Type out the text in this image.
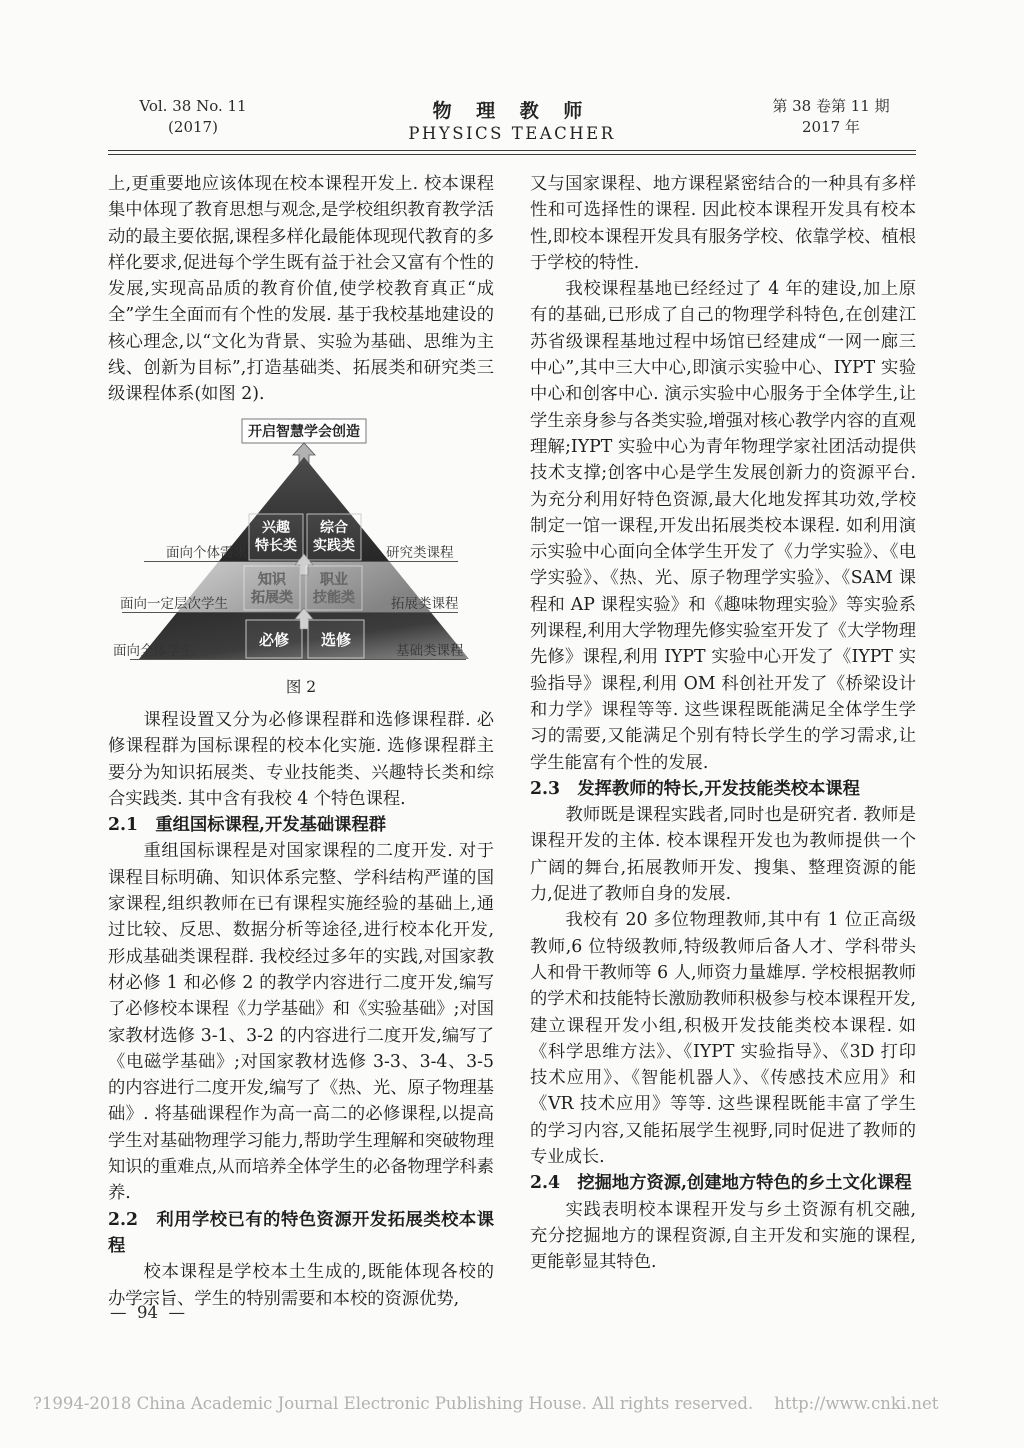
Vol. 38 No. 11
(2017)
物 理 教 师
PHYSICS TEACHER
第 38 卷第 11 期
2017 年

上,更重要地应该体现在校本课程开发上. 校本课程集中体现了教育思想与观念,是学校组织教育教学活动的最主要依据,课程多样化最能体现现代教育的多样化要求,促进每个学生既有益于社会又富有个性的发展,实现高品质的教育价值,使学校教育真正“成全”学生全面而有个性的发展. 基于我校基地建设的核心理念,以“文化为背景、实验为基础、思维为主线、创新为目标”,打造基础类、拓展类和研究类三级课程体系(如图 2).

开启智慧学会创造
兴趣
特长类
综合
实践类
知识
拓展类
职业
技能类
必修 选修
面向个体需求
面向一定层次学生
面向全体学生
研究类课程
拓展类课程
基础类课程
图 2

课程设置又分为必修课程群和选修课程群. 必修课程群为国标课程的校本化实施. 选修课程群主要分为知识拓展类、专业技能类、兴趣特长类和综合实践类. 其中含有我校 4 个特色课程.

2.1　重组国标课程,开发基础课程群

重组国标课程是对国家课程的二度开发. 对于课程目标明确、知识体系完整、学科结构严谨的国家课程,组织教师在已有课程实施经验的基础上,通过比较、反思、数据分析等途径,进行校本化开发,形成基础类课程群. 我校经过多年的实践,对国家教材必修 1 和必修 2 的教学内容进行二度开发,编写了必修校本课程《力学基础》和《实验基础》;对国家教材选修 3-1、3-2 的内容进行二度开发,编写了《电磁学基础》;对国家教材选修 3-3、3-4、3-5 的内容进行二度开发,编写了《热、光、原子物理基础》. 将基础课程作为高一高二的必修课程,以提高学生对基础物理学习能力,帮助学生理解和突破物理知识的重难点,从而培养全体学生的必备物理学科素养.

2.2　利用学校已有的特色资源开发拓展类校本课程

校本课程是学校本土生成的,既能体现各校的办学宗旨、学生的特别需要和本校的资源优势,

又与国家课程、地方课程紧密结合的一种具有多样性和可选择性的课程. 因此校本课程开发具有校本性,即校本课程开发具有服务学校、依靠学校、植根于学校的特性.

我校课程基地已经经过了 4 年的建设,加上原有的基础,已形成了自己的物理学科特色,在创建江苏省级课程基地过程中场馆已经建成“一网一廊三中心”,其中三大中心,即演示实验中心、IYPT 实验中心和创客中心. 演示实验中心服务于全体学生,让学生亲身参与各类实验,增强对核心教学内容的直观理解;IYPT 实验中心为青年物理学家社团活动提供技术支撑;创客中心是学生发展创新力的资源平台. 为充分利用好特色资源,最大化地发挥其功效,学校制定一馆一课程,开发出拓展类校本课程. 如利用演示实验中心面向全体学生开发了《力学实验》、《电学实验》、《热、光、原子物理学实验》、《SAM 课程和 AP 课程实验》和《趣味物理实验》等实验系列课程,利用大学物理先修实验室开发了《大学物理先修》课程,利用 IYPT 实验中心开发了《IYPT 实验指导》课程,利用 OM 科创社开发了《桥梁设计和力学》课程等等. 这些课程既能满足全体学生学习的需要,又能满足个别有特长学生的学习需求,让学生能富有个性的发展.

2.3　发挥教师的特长,开发技能类校本课程

教师既是课程实践者,同时也是研究者. 教师是课程开发的主体. 校本课程开发也为教师提供一个广阔的舞台,拓展教师开发、搜集、整理资源的能力,促进了教师自身的发展.

我校有 20 多位物理教师,其中有 1 位正高级教师,6 位特级教师,特级教师后备人才、学科带头人和骨干教师等 6 人,师资力量雄厚. 学校根据教师的学术和技能特长激励教师积极参与校本课程开发,建立课程开发小组,积极开发技能类校本课程. 如《科学思维方法》、《IYPT 实验指导》、《3D 打印技术应用》、《智能机器人》、《传感技术应用》和《VR 技术应用》等等. 这些课程既能丰富了学生的学习内容,又能拓展学生视野,同时促进了教师的专业成长.

2.4　挖掘地方资源,创建地方特色的乡土文化课程

实践表明校本课程开发与乡土资源有机交融,充分挖掘地方的课程资源,自主开发和实施的课程,更能彰显其特色.

—  94  —
?1994-2018 China Academic Journal Electronic Publishing House. All rights reserved.    http://www.cnki.net
